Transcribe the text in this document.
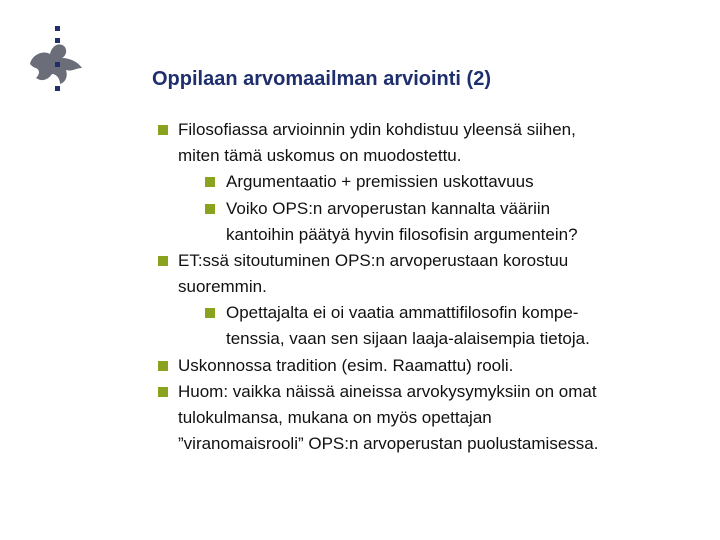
Oppilaan arvomaailman arviointi (2)
Filosofiassa arvioinnin ydin kohdistuu yleensä siihen,
miten tämä uskomus on muodostettu.
Argumentaatio + premissien uskottavuus
Voiko OPS:n arvoperustan kannalta vääriin
kantoihin päätyä hyvin filosofisin argumentein?
ET:ssä sitoutuminen OPS:n arvoperustaan korostuu
suoremmin.
Opettajalta ei oi vaatia ammattifilosofin kompe-
tenssia, vaan sen sijaan laaja-alaisempia tietoja.
Uskonnossa tradition (esim. Raamattu) rooli.
Huom: vaikka näissä aineissa arvokysymyksiin on omat
tulokulmansa, mukana on myös opettajan
”viranomaisrooli” OPS:n arvoperustan puolustamisessa.
